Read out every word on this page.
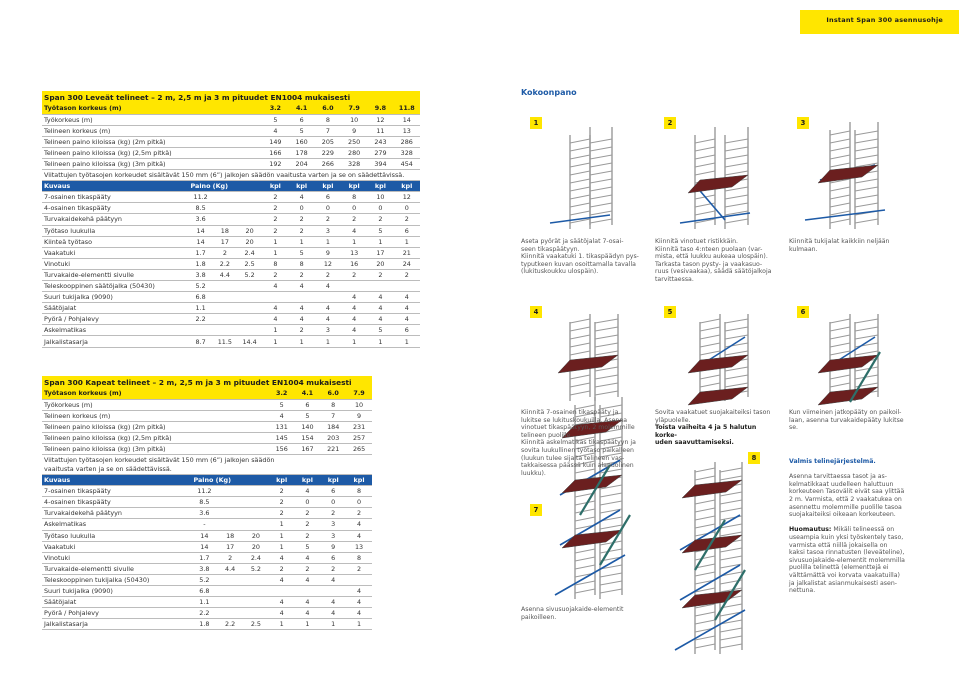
Instant Span 300 asennusohje
Span 300 Leveät telineet – 2 m, 2,5 m ja 3 m pituudet EN1004 mukaisesti									
Työtason korkeus (m)				3.2	4.1	6.0	7.9	9.8	11.8
Työkorkeus (m)				5	6	8	10	12	14
Telineen korkeus (m)				4	5	7	9	11	13
Telineen paino kiloissa (kg) (2m pitkä)				149	160	205	250	243	286
Telineen paino kiloissa (kg) (2,5m pitkä)				166	178	229	280	279	328
Telineen paino kiloissa (kg) (3m pitkä)				192	204	266	328	394	454
Viitattujen työtasojen korkeudet sisältävät 150 mm (6”) jalkojen säädön vaaitusta varten ja se on säädettävissä.									
Kuvaus	Paino (Kg)			kpl	kpl	kpl	kpl	kpl	kpl
7-osainen tikaspääty	11.2			2	4	6	8	10	12
4-osainen tikaspääty	8.5			2	0	0	0	0	0
Turvakaidekehä päätyyn	3.6			2	2	2	2	2	2
Työtaso luukulla	14	18	20	2	2	3	4	5	6
Kiinteä työtaso	14	17	20	1	1	1	1	1	1
Vaakatuki	1.7	2	2.4	1	5	9	13	17	21
Vinotuki	1.8	2.2	2.5	8	8	12	16	20	24
Turvakaide-elementti sivulle	3.8	4.4	5.2	2	2	2	2	2	2
Teleskooppinen säätöjalka (50430)	5.2			4	4	4			
Suuri tukijalka (9090)	6.8						4	4	4
Säätöjalat	1.1			4	4	4	4	4	4
Pyörä / Pohjalevy	2.2			4	4	4	4	4	4
Askelmatikas				1	2	3	4	5	6
Jalkalistasarja	8.7	11.5	14.4	1	1	1	1	1	1
Span 300 Kapeat telineet – 2 m, 2,5 m ja 3 m pituudet EN1004 mukaisesti							
Työtason korkeus (m)				3.2	4.1	6.0	7.9
Työkorkeus (m)				5	6	8	10
Telineen korkeus (m)				4	5	7	9
Telineen paino kiloissa (kg) (2m pitkä)				131	140	184	231
Telineen paino kiloissa (kg) (2,5m pitkä)				145	154	203	257
Telineen paino kiloissa (kg) (3m pitkä)				156	167	221	265
Viitattujen työtasojen korkeudet sisältävät 150 mm (6”) jalkojen säädön							
vaaitusta varten ja se on säädettävissä.							
Kuvaus	Paino (Kg)			kpl	kpl	kpl	kpl
7-osainen tikaspääty	11.2			2	4	6	8
4-osainen tikaspääty	8.5			2	0	0	0
Turvakaidekehä päätyyn	3.6			2	2	2	2
Askelmatikas	-			1	2	3	4
Työtaso luukulla	14	18	20	1	2	3	4
Vaakatuki	14	17	20	1	5	9	13
Vinotuki	1.7	2	2.4	4	4	6	8
Turvakaide-elementti sivulle	3.8	4.4	5.2	2	2	2	2
Teleskooppinen tukijalka (50430)	5.2			4	4	4	
Suuri tukijalka (9090)	6.8						4
Säätöjalat	1.1			4	4	4	4
Pyörä / Pohjalevy	2.2			4	4	4	4
Jalkalistasarja	1.8	2.2	2.5	1	1	1	1
Kokoonpano
1	2	3
4	5	6
7
8
Aseta pyörät ja säätöjalat 7-osai-
seen tikaspäätyyn.
Kiinnitä vaakatuki 1. tikaspäädyn pys-
typutkeen kuvan osoittamalla tavalla
(lukituskoukku ulospäin).
Kiinnitä vinotuet ristikkäin.
Kiinnitä taso 4:nteen puolaan (var-
mista, että luukku aukeaa ulospäin).
Tarkasta tason pysty- ja vaakasuo-
ruus (vesivaakaa), säädä säätöjalkoja
tarvittaessa.
Kiinnitä tukijalat kaikkiin neljään
kulmaan.
Kiinnitä 7-osainen tikaspääty ja
lukitse se lukituskoukuilla. Asenna
vinotuet tikaspäätyyn, 2 molemmille
telineen puolille.
Kiinnitä askelmatikas tikaspäätyyn ja
sovita luukullinen työtaso paikalleen
(luukun tulee sijaita telineen vas-
takkaisessa päässä kuin alapuolinen
luukku).
Sovita vaakatuet suojakaiteiksi tason
yläpuolelle.
Toista vaiheita 4 ja 5 halutun korke-
uden saavuttamiseksi.
Kun viimeinen jatkopääty on paikoil-
laan, asenna turvakaidepääty lukitse se.
Asenna sivusuojakaide-elementit
paikoilleen.
Valmis telinejärjestelmä.

Asenna tarvittaessa tasot ja as-
kelmatikkaat uudelleen haluttuun
korkeuteen Tasovälit eivät saa ylittää
2 m. Varmista, että 2 vaakatukea on
asennettu molemmille puolille tasoa
suojakaiteiksi oikeaan korkeuteen.

Huomautus: Mikäli telineessä on
useampia kuin yksi työskentely taso,
varmista että niillä jokaisella on
kaksi tasoa rinnatusten (leveäteline),
sivusuojakaide-elementit molemmilla
puolilla telinettä (elementtejä ei
välttämättä voi korvata vaakatuilla)
ja jalkalistat asianmukaisesti asen-
nettuna.
